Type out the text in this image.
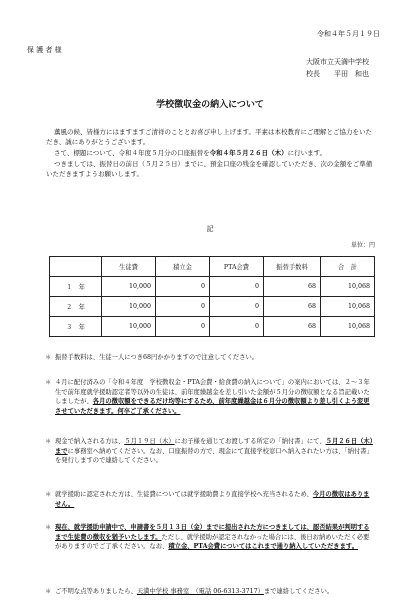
令和４年５月１９日
保 護 者 様
大阪市立天満中学校
校長　　平田　和也
学校徴収金の納入について
薫風の候、皆様方にはますますご清祥のこととお喜び申し上げます。平素は本校教育にご理解とご協力をいただき、誠にありがとうございます。
さて、標題について、令和４年度５月分の口座振替を令和４年５月２６日（木）に行います。
つきましては、振替日の前日（５月２５日）までに、預金口座の残金を確認していただき、次の金額をご準備いただきますようお願いします。
記
単位：円
	生徒費	積立金	PTA会費	振替手数料	合　計
１　年	10,000	0	0	68	10,068
２　年	10,000	0	0	68	10,068
３　年	10,000	0	0	68	10,068
＊ 振替手数料は、生徒一人につき68円かかりますので注意してください。
＊ ４月に配付済みの「令和４年度　学校徴収金・PTA会費・給食費の納入について」の案内においては、２～３年生で前年度就学援助認定者等以外の生徒は、前年度繰越金を差し引いた金額が５月分の徴収額となる旨記載いたしましたが、各月の徴収額をできるだけ均等にするため、前年度繰越金は６月分の徴収額より差し引くよう変更させていただきます。何卒ご了承ください。
＊ 現金で納入される方は、５月１９日（木）にお子様を通じてお渡しする所定の「納付書」にて、５月２６日（木）までに事務室へ納めてください。なお、口座振替の方で、現金にて直接学校窓口へ納入されたい方は、「納付書」を発行しますので連絡してください。
＊ 就学援助に認定された方は、生徒費については就学援助費より直接学校へ充当されるため、今月の徴収はありません。
＊ 現在、就学援助申請中で、申請書を５月１３日（金）までに提出された方につきましては、認否結果が判明するまで生徒費の徴収を猶予いたします。ただし、就学援助が認定されなかった場合には、後日お納めいただく必要がありますのでご了承ください。なお、積立金、PTA会費についてはこれまで通り納入していただきます。
＊ ご不明な点等ありましたら、天満中学校 事務室　（電話 06-6313-3717）まで連絡してください。
